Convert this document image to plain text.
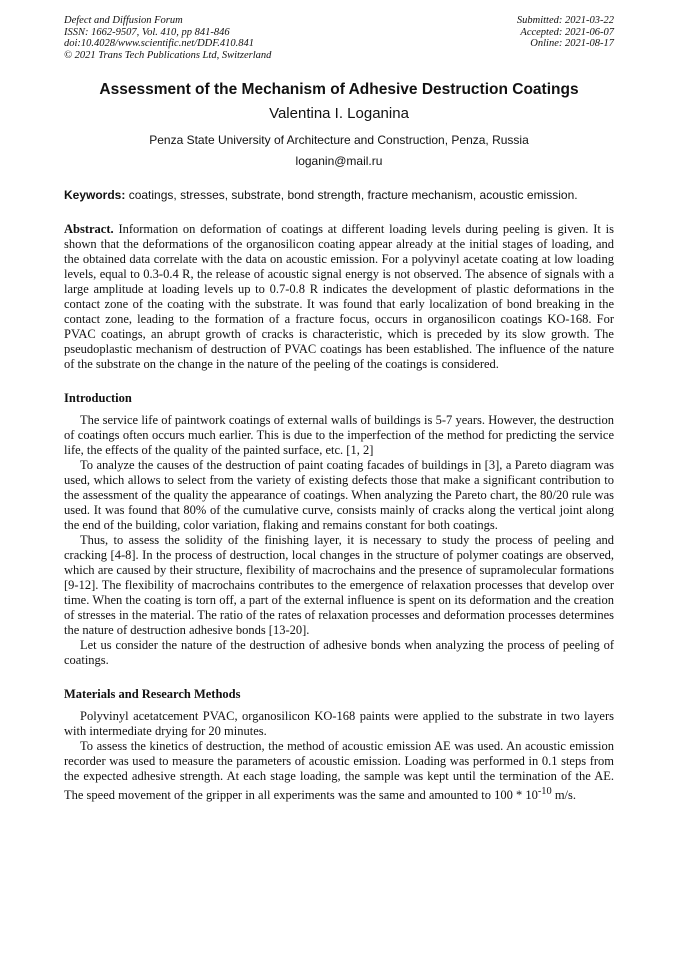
Defect and Diffusion Forum
ISSN: 1662-9507, Vol. 410, pp 841-846
doi:10.4028/www.scientific.net/DDF.410.841
© 2021 Trans Tech Publications Ltd, Switzerland
Submitted: 2021-03-22
Accepted: 2021-06-07
Online: 2021-08-17
Assessment of the Mechanism of Adhesive Destruction Coatings
Valentina I. Loganina
Penza State University of Architecture and Construction, Penza, Russia
loganin@mail.ru
Keywords: coatings, stresses, substrate, bond strength, fracture mechanism, acoustic emission.

Abstract. Information on deformation of coatings at different loading levels during peeling is given. It is shown that the deformations of the organosilicon coating appear already at the initial stages of loading, and the obtained data correlate with the data on acoustic emission. For a polyvinyl acetate coating at low loading levels, equal to 0.3-0.4 R, the release of acoustic signal energy is not observed. The absence of signals with a large amplitude at loading levels up to 0.7-0.8 R indicates the development of plastic deformations in the contact zone of the coating with the substrate. It was found that early localization of bond breaking in the contact zone, leading to the formation of a fracture focus, occurs in organosilicon coatings KO-168. For PVAC coatings, an abrupt growth of cracks is characteristic, which is preceded by its slow growth. The pseudoplastic mechanism of destruction of PVAC coatings has been established. The influence of the nature of the substrate on the change in the nature of the peeling of the coatings is considered.

Introduction

The service life of paintwork coatings of external walls of buildings is 5-7 years. However, the destruction of coatings often occurs much earlier. This is due to the imperfection of the method for predicting the service life, the effects of the quality of the painted surface, etc. [1, 2]

To analyze the causes of the destruction of paint coating facades of buildings in [3], a Pareto diagram was used, which allows to select from the variety of existing defects those that make a significant contribution to the assessment of the quality the appearance of coatings. When analyzing the Pareto chart, the 80/20 rule was used. It was found that 80% of the cumulative curve, consists mainly of cracks along the vertical joint along the end of the building, color variation, flaking and remains constant for both coatings.

Thus, to assess the solidity of the finishing layer, it is necessary to study the process of peeling and cracking [4-8]. In the process of destruction, local changes in the structure of polymer coatings are observed, which are caused by their structure, flexibility of macrochains and the presence of supramolecular formations [9-12]. The flexibility of macrochains contributes to the emergence of relaxation processes that develop over time. When the coating is torn off, a part of the external influence is spent on its deformation and the creation of stresses in the material. The ratio of the rates of relaxation processes and deformation processes determines the nature of destruction adhesive bonds [13-20].

Let us consider the nature of the destruction of adhesive bonds when analyzing the process of peeling of coatings.

Materials and Research Methods

Polyvinyl acetatcement PVAC, organosilicon KO-168 paints were applied to the substrate in two layers with intermediate drying for 20 minutes.

To assess the kinetics of destruction, the method of acoustic emission AE was used. An acoustic emission recorder was used to measure the parameters of acoustic emission. Loading was performed in 0.1 steps from the expected adhesive strength. At each stage loading, the sample was kept until the termination of the AE. The speed movement of the gripper in all experiments was the same and amounted to $100 * 10^{-10}$ m/s.
